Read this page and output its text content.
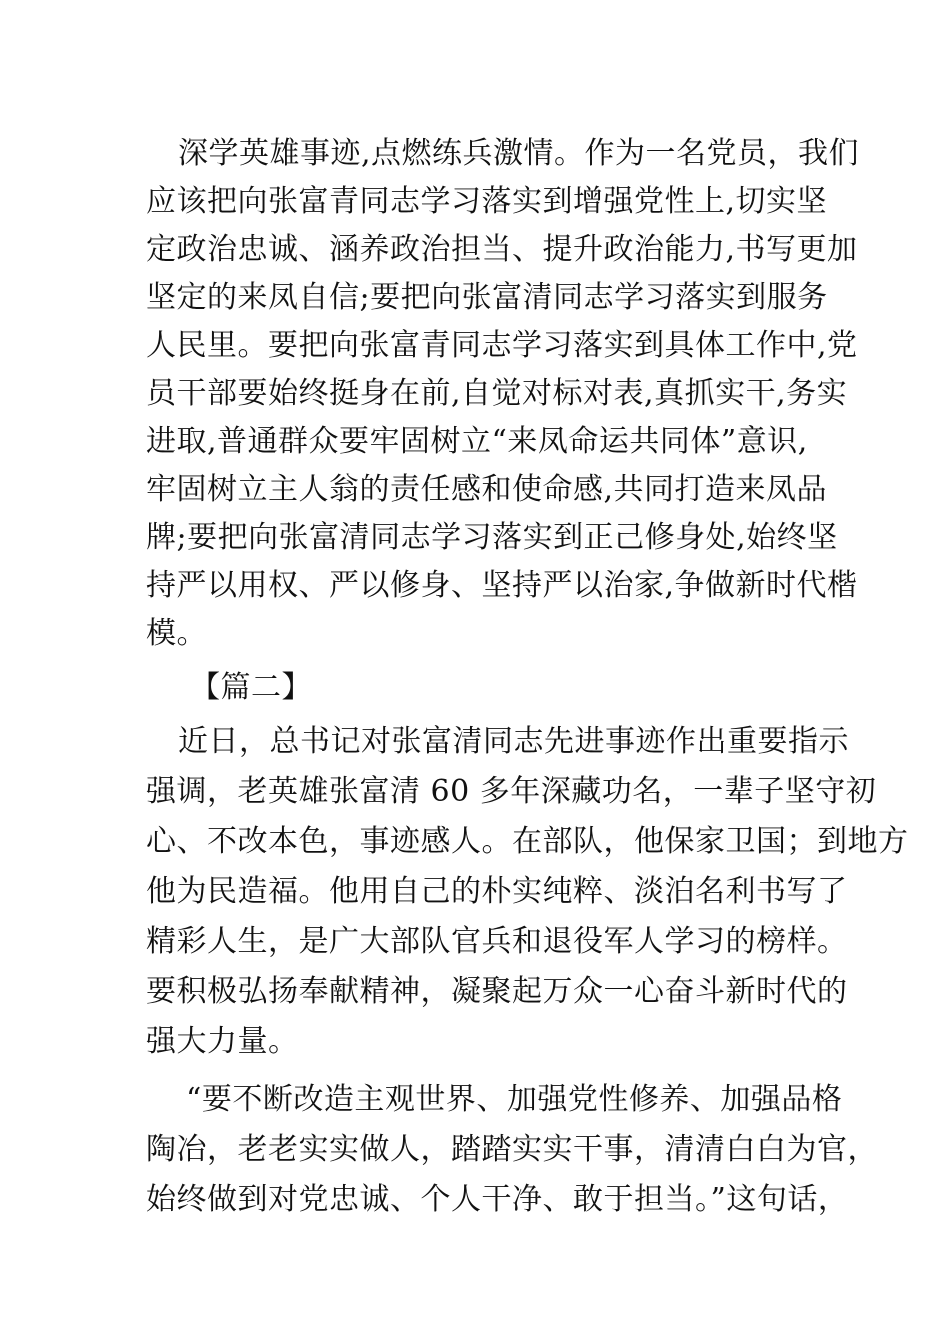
深学英雄事迹,点燃练兵激情。作为一名党员，我们
应该把向张富青同志学习落实到增强党性上,切实坚
定政治忠诚、涵养政治担当、提升政治能力,书写更加
坚定的来凤自信;要把向张富清同志学习落实到服务
人民里。要把向张富青同志学习落实到具体工作中,党
员干部要始终挺身在前,自觉对标对表,真抓实干,务实
进取,普通群众要牢固树立“来凤命运共同体”意识,
牢固树立主人翁的责任感和使命感,共同打造来凤品
牌;要把向张富清同志学习落实到正己修身处,始终坚
持严以用权、严以修身、坚持严以治家,争做新时代楷
模。
【篇二】
近日，总书记对张富清同志先进事迹作出重要指示
强调，老英雄张富清 60 多年深藏功名，一辈子坚守初
心、不改本色，事迹感人。在部队，他保家卫国；到地方
他为民造福。他用自己的朴实纯粹、淡泊名利书写了
精彩人生，是广大部队官兵和退役军人学习的榜样。
要积极弘扬奉献精神，凝聚起万众一心奋斗新时代的
强大力量。
“要不断改造主观世界、加强党性修养、加强品格
陶冶，老老实实做人，踏踏实实干事，清清白白为官，
始终做到对党忠诚、个人干净、敢于担当。”这句话，
